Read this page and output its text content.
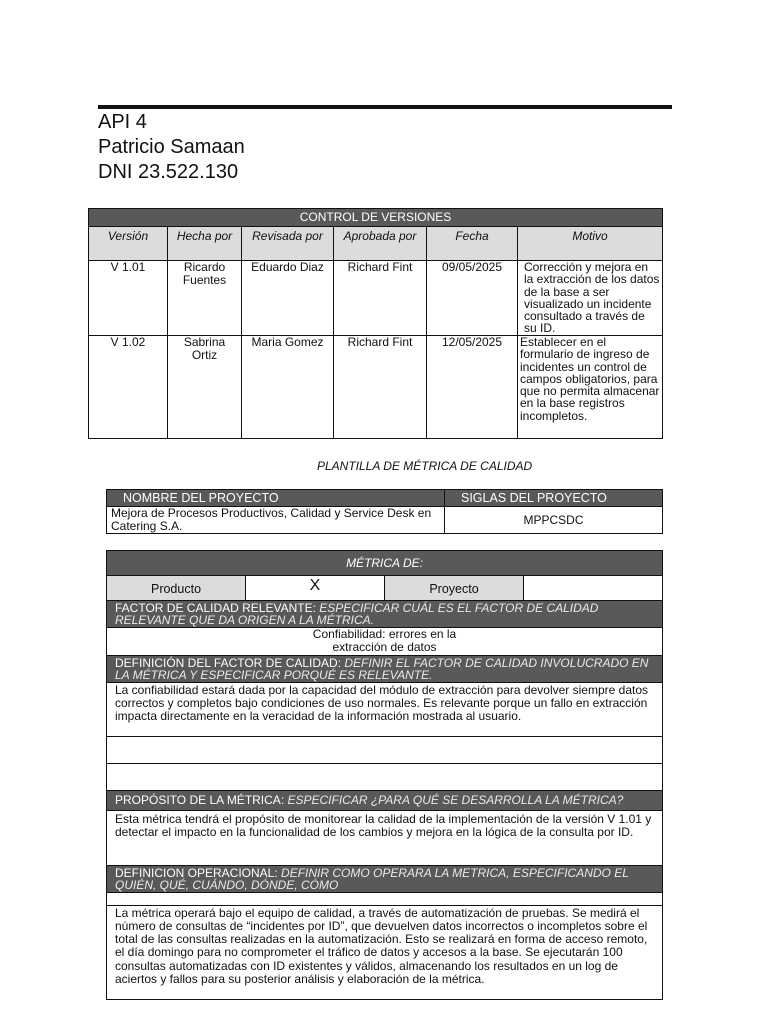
API 4
Patricio Samaan
DNI 23.522.130
CONTROL DE VERSIONES					
Versión	Hecha por	Revisada por	Aprobada por	Fecha	Motivo
V 1.01	Ricardo Fuentes	Eduardo Diaz	Richard Fint	09/05/2025	Corrección y mejora en la extracción de los datos de la base a ser visualizado un incidente consultado a través de su ID.
V 1.02	Sabrina Ortiz	Maria Gomez	Richard Fint	12/05/2025	Establecer en el formulario de ingreso de incidentes un control de campos obligatorios, para que no permita almacenar en la base registros incompletos.
PLANTILLA DE MÉTRICA DE CALIDAD
NOMBRE DEL PROYECTO	SIGLAS DEL PROYECTO
Mejora de Procesos Productivos, Calidad y Service Desk en Catering S.A.	MPPCSDC
MÉTRICA DE:
Producto	X	Proyecto	
FACTOR DE CALIDAD RELEVANTE: ESPECIFICAR CUÁL ES EL FACTOR DE CALIDAD RELEVANTE QUE DA ORIGEN A LA MÉTRICA.
Confiabilidad: errores en la extracción de datos
DEFINICIÓN DEL FACTOR DE CALIDAD: DEFINIR EL FACTOR DE CALIDAD INVOLUCRADO EN LA MÉTRICA Y ESPECIFICAR PORQUÉ ES RELEVANTE.
La confiabilidad estará dada por la capacidad del módulo de extracción para devolver siempre datos correctos y completos bajo condiciones de uso normales. Es relevante porque un fallo en extracción impacta directamente en la veracidad de la información mostrada al usuario.

PROPÓSITO DE LA MÉTRICA: ESPECIFICAR ¿PARA QUÉ SE DESARROLLA LA MÉTRICA?
Esta métrica tendrá el propósito de monitorear la calidad de la implementación de la versión V 1.01 y detectar el impacto en la funcionalidad de los cambios y mejora en la lógica de la consulta por ID.
DEFINICION OPERACIONAL: DEFINIR COMO OPERARA LA METRICA, ESPECIFICANDO EL QUIÉN, QUÉ, CUÁNDO, DÓNDE, CÓMO

La métrica operará bajo el equipo de calidad, a través de automatización de pruebas. Se medirá el número de consultas de “incidentes por ID”, que devuelven datos incorrectos o incompletos sobre el total de las consultas realizadas en la automatización. Esto se realizará en forma de acceso remoto, el día domingo para no comprometer el tráfico de datos y accesos a la base. Se ejecutarán 100 consultas automatizadas con ID existentes y válidos, almacenando los resultados en un log de aciertos y fallos para su posterior análisis y elaboración de la métrica.
